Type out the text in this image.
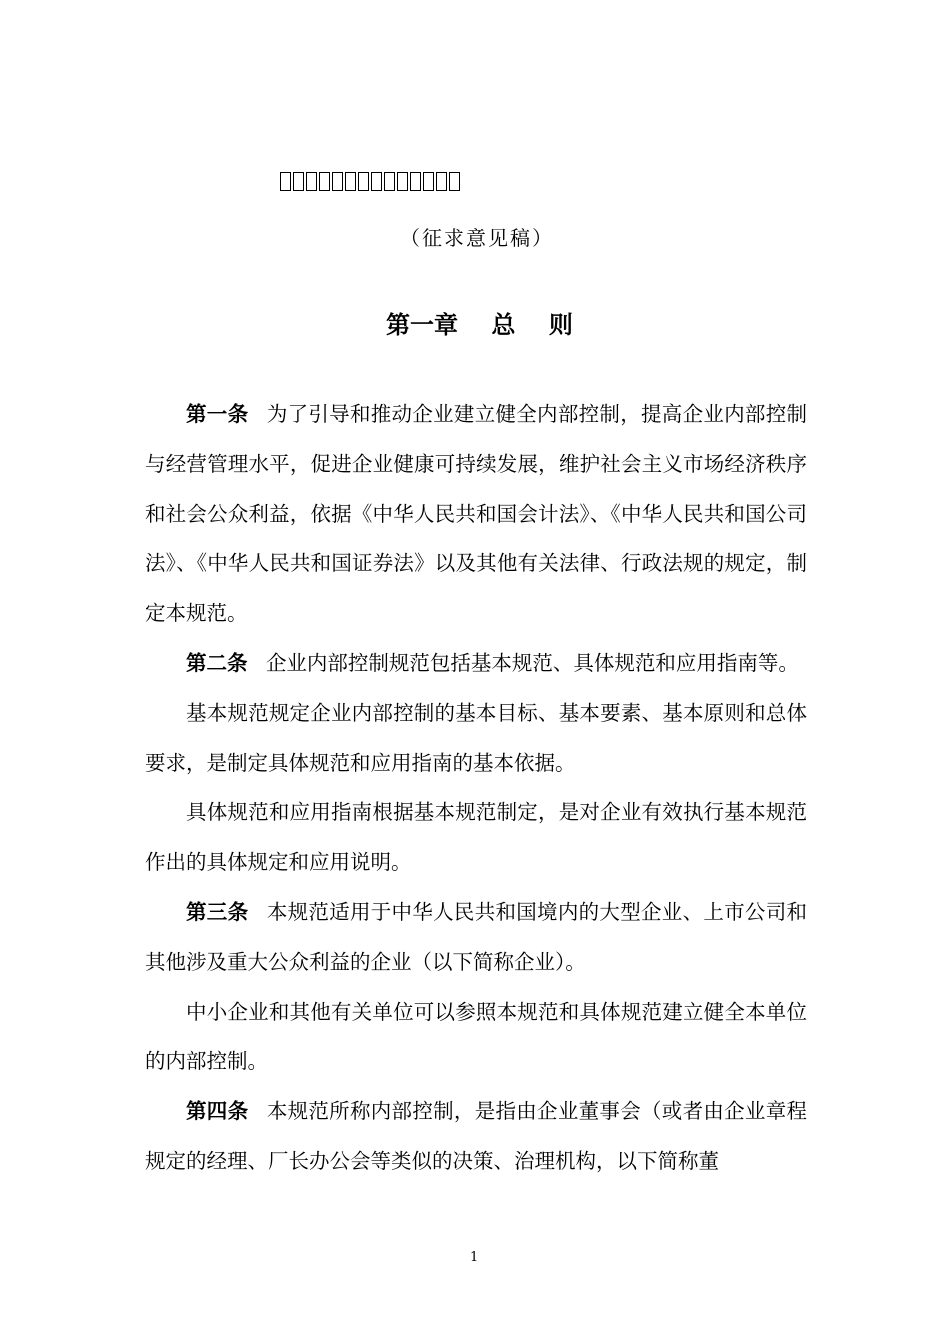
（征求意见稿）
第一章    总    则

第一条 为了引导和推动企业建立健全内部控制，提高企业内部控制与经营管理水平，促进企业健康可持续发展，维护社会主义市场经济秩序和社会公众利益，依据《中华人民共和国会计法》、《中华人民共和国公司法》、《中华人民共和国证券法》以及其他有关法律、行政法规的规定，制定本规范。

第二条 企业内部控制规范包括基本规范、具体规范和应用指南等。

基本规范规定企业内部控制的基本目标、基本要素、基本原则和总体要求，是制定具体规范和应用指南的基本依据。

具体规范和应用指南根据基本规范制定，是对企业有效执行基本规范作出的具体规定和应用说明。

第三条 本规范适用于中华人民共和国境内的大型企业、上市公司和其他涉及重大公众利益的企业（以下简称企业）。

中小企业和其他有关单位可以参照本规范和具体规范建立健全本单位的内部控制。

第四条 本规范所称内部控制，是指由企业董事会（或者由企业章程规定的经理、厂长办公会等类似的决策、治理机构，以下简称董

1
